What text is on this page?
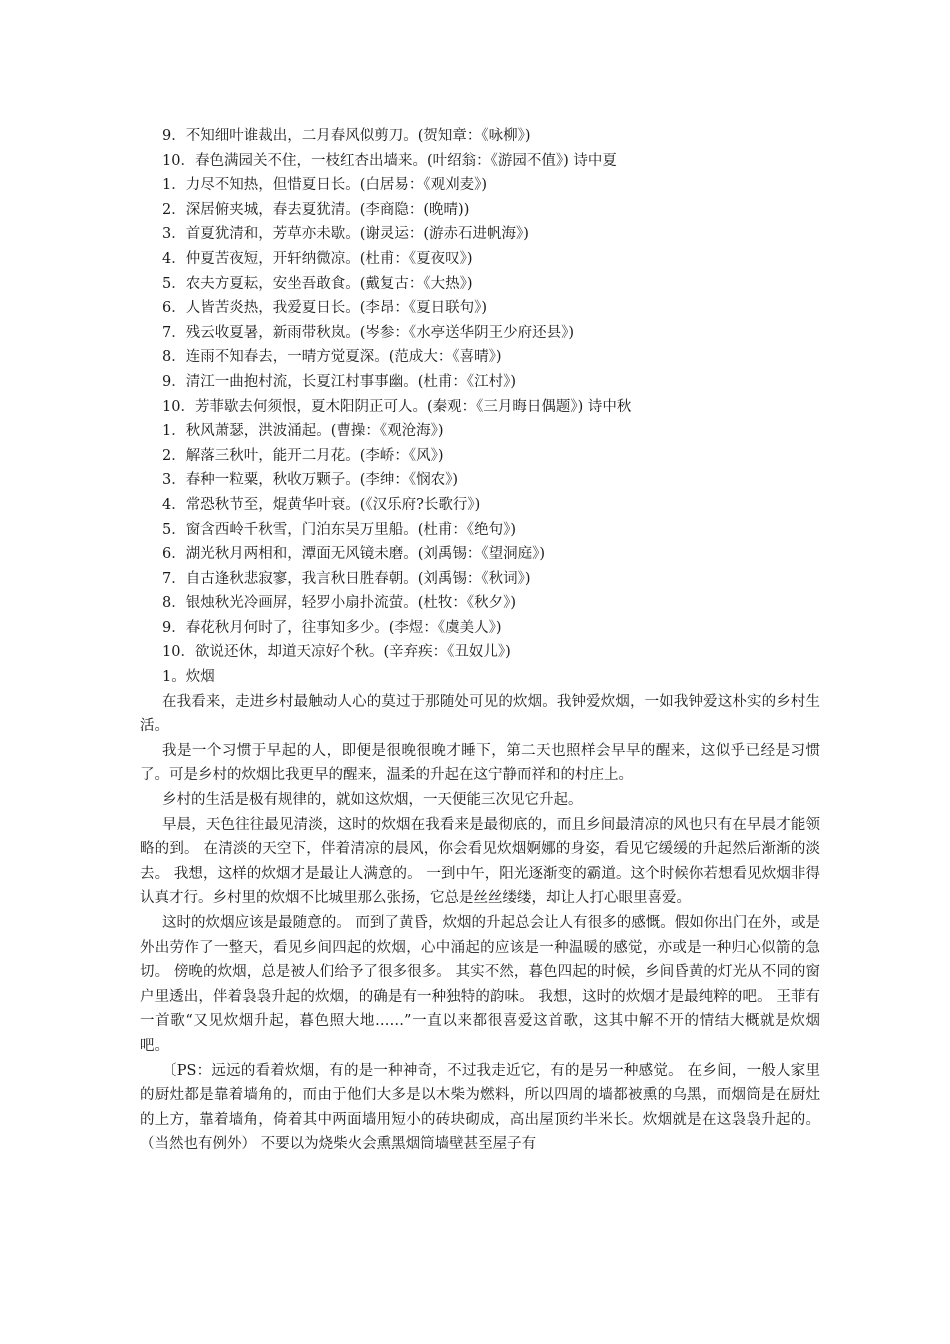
9．不知细叶谁裁出，二月春风似剪刀。(贺知章：《咏柳》)
10．春色满园关不住，一枝红杏出墙来。(叶绍翁：《游园不值》) 诗中夏
1．力尽不知热，但惜夏日长。(白居易：《观刈麦》)
2．深居俯夹城，春去夏犹清。(李商隐：(晚晴))
3．首夏犹清和，芳草亦未歇。(谢灵运：(游赤石进帆海》)
4．仲夏苦夜短，开轩纳微凉。(杜甫：《夏夜叹》)
5．农夫方夏耘，安坐吾敢食。(戴复古：《大热》)
6．人皆苦炎热，我爱夏日长。(李昂：《夏日联句》)
7．残云收夏暑，新雨带秋岚。(岑参：《水亭送华阴王少府还县》)
8．连雨不知春去，一晴方觉夏深。(范成大：《喜晴》)
9．清江一曲抱村流，长夏江村事事幽。(杜甫：《江村》)
10．芳菲歇去何须恨，夏木阳阴正可人。(秦观：《三月晦日偶题》) 诗中秋
1．秋风萧瑟，洪波涌起。(曹操：《观沧海》)
2．解落三秋叶，能开二月花。(李峤：《风》)
3．春种一粒粟，秋收万颗子。(李绅：《悯农》)
4．常恐秋节至，焜黄华叶衰。(《汉乐府?长歌行》)
5．窗含西岭千秋雪，门泊东吴万里船。(杜甫：《绝句》)
6．湖光秋月两相和，潭面无风镜未磨。(刘禹锡：《望洞庭》)
7．自古逢秋悲寂寥，我言秋日胜春朝。(刘禹锡：《秋词》)
8．银烛秋光冷画屏，轻罗小扇扑流萤。(杜牧：《秋夕》)
9．春花秋月何时了，往事知多少。(李煜：《虞美人》)
10．欲说还休，却道天凉好个秋。(辛弃疾：《丑奴儿》)
1。炊烟

在我看来，走进乡村最触动人心的莫过于那随处可见的炊烟。我钟爱炊烟，一如我钟爱这朴实的乡村生活。

我是一个习惯于早起的人，即便是很晚很晚才睡下，第二天也照样会早早的醒来，这似乎已经是习惯了。可是乡村的炊烟比我更早的醒来，温柔的升起在这宁静而祥和的村庄上。

乡村的生活是极有规律的，就如这炊烟，一天便能三次见它升起。

早晨，天色往往最见清淡，这时的炊烟在我看来是最彻底的，而且乡间最清凉的风也只有在早晨才能领略的到。 在清淡的天空下，伴着清凉的晨风，你会看见炊烟婀娜的身姿，看见它缓缓的升起然后渐渐的淡去。 我想，这样的炊烟才是最让人满意的。 一到中午，阳光逐渐变的霸道。这个时候你若想看见炊烟非得认真才行。乡村里的炊烟不比城里那么张扬，它总是丝丝缕缕，却让人打心眼里喜爱。

这时的炊烟应该是最随意的。 而到了黄昏，炊烟的升起总会让人有很多的感慨。假如你出门在外，或是外出劳作了一整天，看见乡间四起的炊烟，心中涌起的应该是一种温暖的感觉，亦或是一种归心似箭的急切。 傍晚的炊烟，总是被人们给予了很多很多。 其实不然，暮色四起的时候，乡间昏黄的灯光从不同的窗户里透出，伴着袅袅升起的炊烟，的确是有一种独特的韵味。 我想，这时的炊烟才是最纯粹的吧。 王菲有一首歌“又见炊烟升起，暮色照大地……”一直以来都很喜爱这首歌，这其中解不开的情结大概就是炊烟吧。

〔PS：远远的看着炊烟，有的是一种神奇，不过我走近它，有的是另一种感觉。 在乡间，一般人家里的厨灶都是靠着墙角的，而由于他们大多是以木柴为燃料，所以四周的墙都被熏的乌黑，而烟筒是在厨灶的上方，靠着墙角，倚着其中两面墙用短小的砖块砌成，高出屋顶约半米长。炊烟就是在这袅袅升起的。（当然也有例外） 不要以为烧柴火会熏黑烟筒墙壁甚至屋子有
